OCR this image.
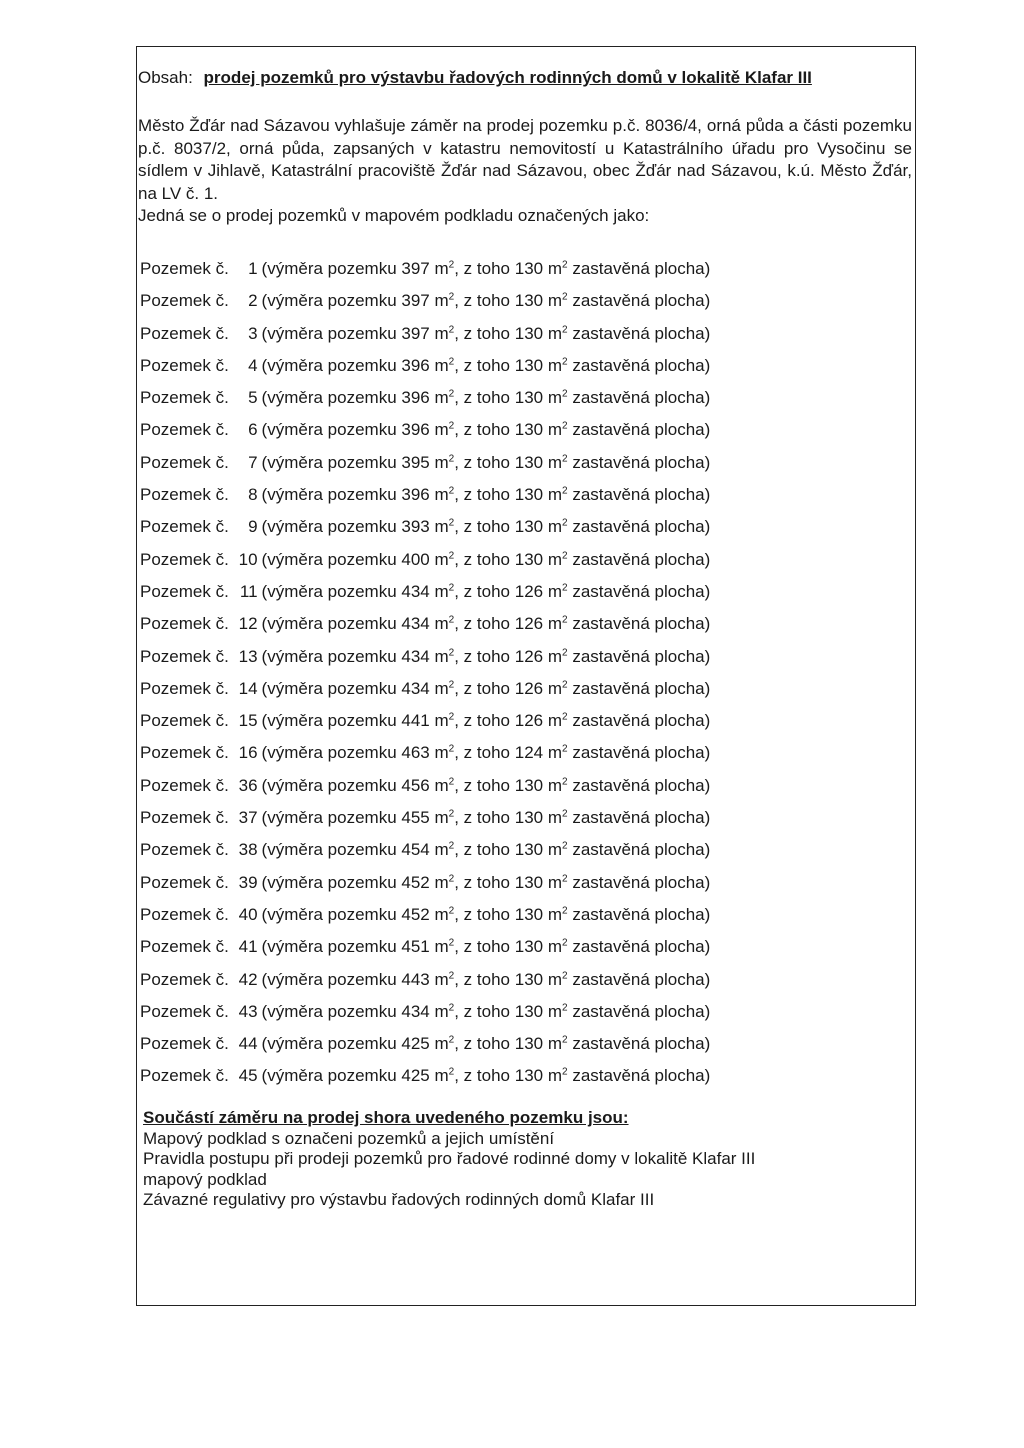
Obsah: prodej pozemků pro výstavbu řadových rodinných domů v lokalitě Klafar III

Město Žďár nad Sázavou vyhlašuje záměr na prodej pozemku p.č. 8036/4, orná půda a části pozemku p.č. 8037/2, orná půda, zapsaných v katastru nemovitostí u Katastrálního úřadu pro Vysočinu se sídlem v Jihlavě, Katastrální pracoviště Žďár nad Sázavou, obec Žďár nad Sázavou, k.ú. Město Žďár, na LV č. 1.

Jedná se o prodej pozemků v mapovém podkladu označených jako:

Pozemek č. 1 (výměra pozemku 397 $m^2$, z toho 130 $m^2$ zastavěná plocha)
Pozemek č. 2 (výměra pozemku 397 $m^2$, z toho 130 $m^2$ zastavěná plocha)
Pozemek č. 3 (výměra pozemku 397 $m^2$, z toho 130 $m^2$ zastavěná plocha)
Pozemek č. 4 (výměra pozemku 396 $m^2$, z toho 130 $m^2$ zastavěná plocha)
Pozemek č. 5 (výměra pozemku 396 $m^2$, z toho 130 $m^2$ zastavěná plocha)
Pozemek č. 6 (výměra pozemku 396 $m^2$, z toho 130 $m^2$ zastavěná plocha)
Pozemek č. 7 (výměra pozemku 395 $m^2$, z toho 130 $m^2$ zastavěná plocha)
Pozemek č. 8 (výměra pozemku 396 $m^2$, z toho 130 $m^2$ zastavěná plocha)
Pozemek č. 9 (výměra pozemku 393 $m^2$, z toho 130 $m^2$ zastavěná plocha)
Pozemek č. 10 (výměra pozemku 400 $m^2$, z toho 130 $m^2$ zastavěná plocha)
Pozemek č. 11 (výměra pozemku 434 $m^2$, z toho 126 $m^2$ zastavěná plocha)
Pozemek č. 12 (výměra pozemku 434 $m^2$, z toho 126 $m^2$ zastavěná plocha)
Pozemek č. 13 (výměra pozemku 434 $m^2$, z toho 126 $m^2$ zastavěná plocha)
Pozemek č. 14 (výměra pozemku 434 $m^2$, z toho 126 $m^2$ zastavěná plocha)
Pozemek č. 15 (výměra pozemku 441 $m^2$, z toho 126 $m^2$ zastavěná plocha)
Pozemek č. 16 (výměra pozemku 463 $m^2$, z toho 124 $m^2$ zastavěná plocha)
Pozemek č. 36 (výměra pozemku 456 $m^2$, z toho 130 $m^2$ zastavěná plocha)
Pozemek č. 37 (výměra pozemku 455 $m^2$, z toho 130 $m^2$ zastavěná plocha)
Pozemek č. 38 (výměra pozemku 454 $m^2$, z toho 130 $m^2$ zastavěná plocha)
Pozemek č. 39 (výměra pozemku 452 $m^2$, z toho 130 $m^2$ zastavěná plocha)
Pozemek č. 40 (výměra pozemku 452 $m^2$, z toho 130 $m^2$ zastavěná plocha)
Pozemek č. 41 (výměra pozemku 451 $m^2$, z toho 130 $m^2$ zastavěná plocha)
Pozemek č. 42 (výměra pozemku 443 $m^2$, z toho 130 $m^2$ zastavěná plocha)
Pozemek č. 43 (výměra pozemku 434 $m^2$, z toho 130 $m^2$ zastavěná plocha)
Pozemek č. 44 (výměra pozemku 425 $m^2$, z toho 130 $m^2$ zastavěná plocha)
Pozemek č. 45 (výměra pozemku 425 $m^2$, z toho 130 $m^2$ zastavěná plocha)
Součástí záměru na prodej shora uvedeného pozemku jsou:
Mapový podklad s označeni pozemků a jejich umístění
Pravidla postupu při prodeji pozemků pro řadové rodinné domy v lokalitě Klafar III
mapový podklad
Závazné regulativy pro výstavbu řadových rodinných domů Klafar III
